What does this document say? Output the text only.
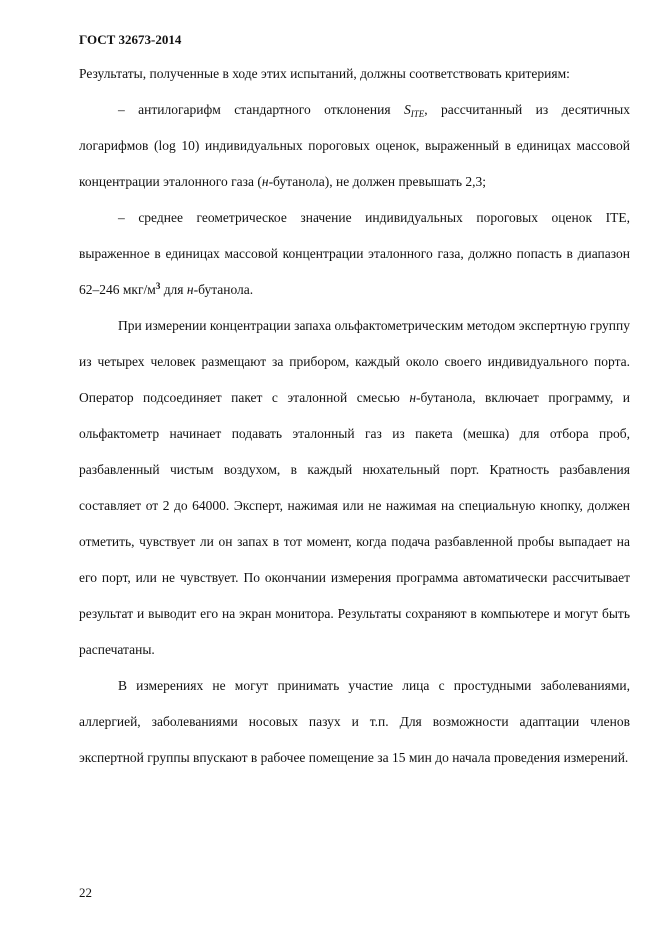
ГОСТ 32673-2014

Результаты, полученные в ходе этих испытаний, должны соответствовать критериям:

– антилогарифм стандартного отклонения $S_{ITE}$, рассчитанный из десятичных логарифмов (log 10) индивидуальных пороговых оценок, выраженный в единицах массовой концентрации эталонного газа (н-бутанола), не должен превышать 2,3;

– среднее геометрическое значение индивидуальных пороговых оценок ITE, выраженное в единицах массовой концентрации эталонного газа, должно попасть в диапазон 62–246 мкг/$м^3$ для н-бутанола.

При измерении концентрации запаха ольфактометрическим методом экспертную группу из четырех человек размещают за прибором, каждый около своего индивидуального порта. Оператор подсоединяет пакет с эталонной смесью н-бутанола, включает программу, и ольфактометр начинает подавать эталонный газ из пакета (мешка) для отбора проб, разбавленный чистым воздухом, в каждый нюхательный порт. Кратность разбавления составляет от 2 до 64000. Эксперт, нажимая или не нажимая на специальную кнопку, должен отметить, чувствует ли он запах в тот момент, когда подача разбавленной пробы выпадает на его порт, или не чувствует. По окончании измерения программа автоматически рассчитывает результат и выводит его на экран монитора. Результаты сохраняют в компьютере и могут быть распечатаны.

В измерениях не могут принимать участие лица с простудными заболеваниями, аллергией, заболеваниями носовых пазух и т.п. Для возможности адаптации членов экспертной группы впускают в рабочее помещение за 15 мин до начала проведения измерений.

22
